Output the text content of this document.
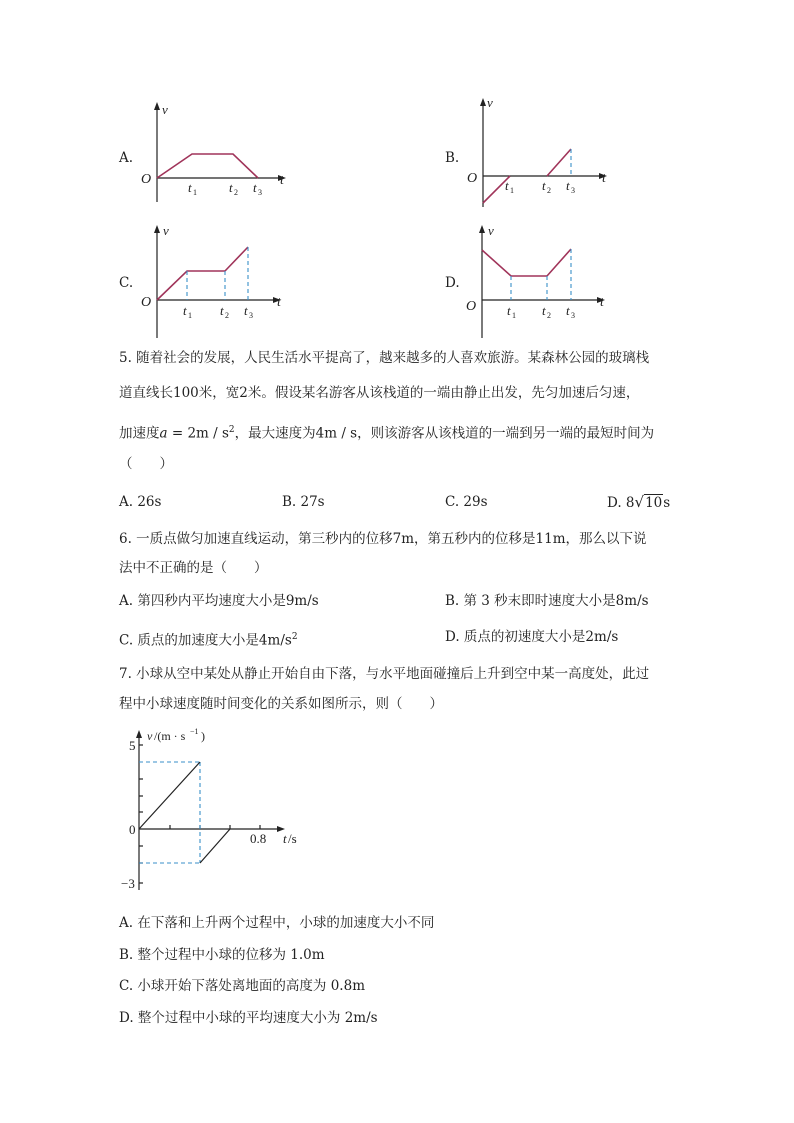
A.
v
t
O
t 1 t 2 t 3
B.
v
t
O t 1 t 2 t 3
C.
v
t
O
t 1 t 2 t 3
D.
v
t
O t 1 t 2 t 3
5. 随着社会的发展，人民生活水平提高了，越来越多的人喜欢旅游。某森林公园的玻璃栈
道直线长100米，宽2米。假设某名游客从该栈道的一端由静止出发，先匀加速后匀速，
加速度$a = 2m / s^2$，最大速度为4m / s，则该游客从该栈道的一端到另一端的最短时间为
（　　）
A. 26s	B. 27s	C. 29s	D. 8√10s
6. 一质点做匀加速直线运动，第三秒内的位移7m，第五秒内的位移是11m，那么以下说
法中不正确的是（　　）
A. 第四秒内平均速度大小是9m/s	B. 第 3 秒末即时速度大小是8m/s
C. 质点的加速度大小是$4m/s^2$	D. 质点的初速度大小是2m/s
7. 小球从空中某处从静止开始自由下落，与水平地面碰撞后上升到空中某一高度处，此过
程中小球速度随时间变化的关系如图所示，则（　　）
v /(m · s −1 )
5
0
−3
0.8 t /s
A. 在下落和上升两个过程中，小球的加速度大小不同
B. 整个过程中小球的位移为 1.0m
C. 小球开始下落处离地面的高度为 0.8m
D. 整个过程中小球的平均速度大小为 2m/s
